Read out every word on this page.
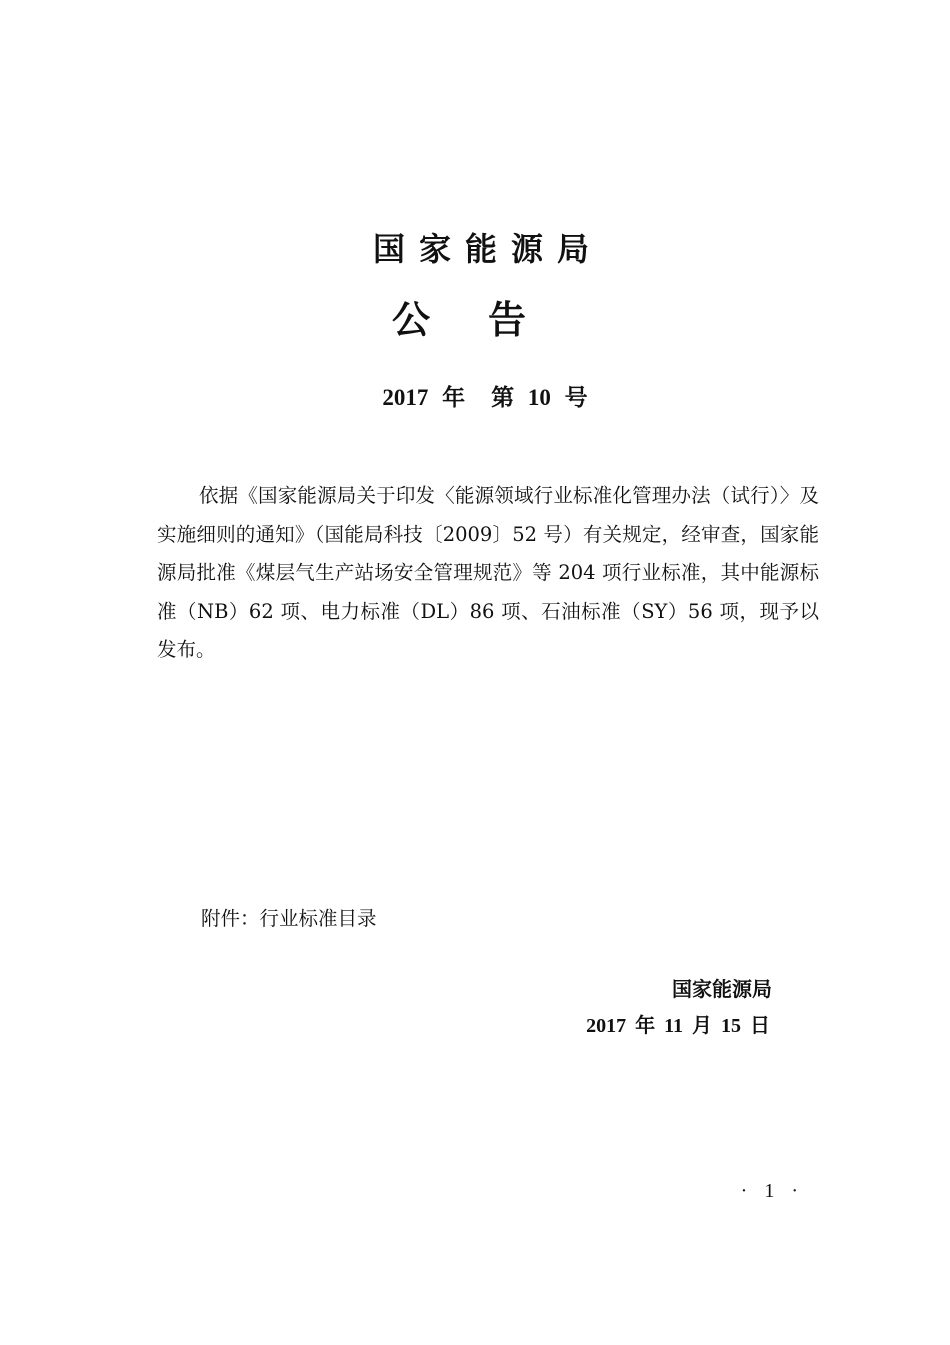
国家能源局
公告
2017 年 第 10 号

依据《国家能源局关于印发〈能源领域行业标准化管理办法（试行）〉及实施细则的通知》（国能局科技〔2009〕52 号）有关规定，经审查，国家能源局批准《煤层气生产站场安全管理规范》等 204 项行业标准，其中能源标准（NB）62 项、电力标准（DL）86 项、石油标准（SY）56 项，现予以发布。

附件：行业标准目录
国家能源局
2017 年 11 月 15 日
· 1 ·
